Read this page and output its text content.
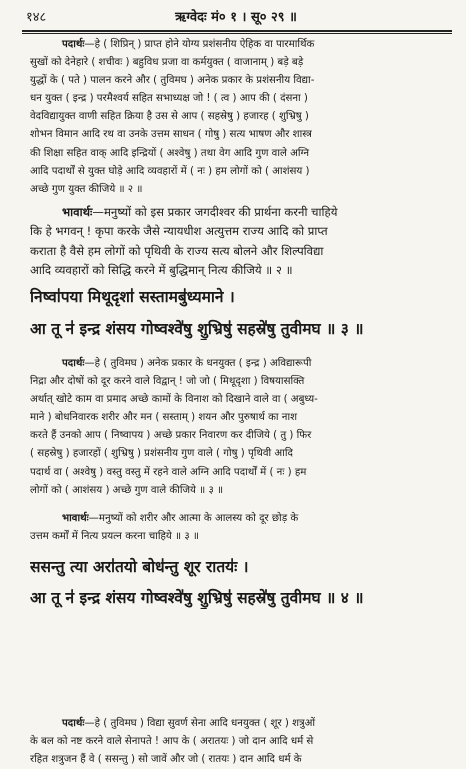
१४८	ऋग्वेदः मं० १ । सू० २९ ॥

पदार्थः—हे ( शिप्रिन् ) प्राप्त होने योग्य प्रशंसनीय ऐहिक वा पारमार्थिक

सुखों को देनेहारे ( शचीवः ) बहुविध प्रजा वा कर्मयुक्त ( वाजानाम् ) बड़े बड़े

युद्धों के ( पते ) पालन करने और ( तुविमघ ) अनेक प्रकार के प्रशंसनीय विद्या-

धन युक्त ( इन्द्र ) परमैश्वर्य सहित सभाध्यक्ष जो ! ( त्व ) आप की ( दंसना )

वेदविद्यायुक्त वाणी सहित क्रिया है उस से आप ( सहस्रेषु ) हजारह ( शुभ्रिषु )

शोभन विमान आदि रथ वा उनके उत्तम साधन ( गोषु ) सत्य भाषण और शास्त्र

की शिक्षा सहित वाक् आदि इन्द्रियों ( अश्वेषु ) तथा वेग आदि गुण वाले अग्नि

आदि पदार्थों से युक्त घोड़े आदि व्यवहारों में ( नः ) हम लोगों को ( आशंसय )

अच्छे गुण युक्त कीजिये ॥ २ ॥

भावार्थः—मनुष्यों को इस प्रकार जगदीश्वर की प्रार्थना करनी चाहिये

कि हे भगवन् ! कृपा करके जैसे न्यायधीश अत्युत्तम राज्य आदि को प्राप्त

कराता है वैसे हम लोगों को पृथिवी के राज्य सत्य बोलने और शिल्पविद्या

आदि व्यवहारों को सिद्धि करने में बुद्धिमान् नित्य कीजिये ॥ २ ॥

निष्वा॑पया मिथूदृशा॑ सस्तामबु॑ध्यमाने ।
आ तू न॑ इन्द्र शंसय गोष्वश्वे॑षु शु॒भ्रिषु॑ सहस्रे॑षु तुवीमघ ॥ ३ ॥

पदार्थः—हे ( तुविमघ ) अनेक प्रकार के धनयुक्त ( इन्द्र ) अविद्यारूपी

निद्रा और दोषों को दूर करने वाले विद्वान् ! जो जो ( मिथूदृशा ) विषयासक्ति

अर्थात् खोटे काम वा प्रमाद अच्छे कामों के विनाश को दिखाने वाले वा ( अबुध्य-

माने ) बोधनिवारक शरीर और मन ( सस्ताम् ) शयन और पुरुषार्थ का नाश

करते हैं उनको आप ( निष्वापय ) अच्छे प्रकार निवारण कर दीजिये ( तु ) फिर

( सहस्रेषु ) हजारहों ( शुभ्रिषु ) प्रशंसनीय गुण वाले ( गोषु ) पृथिवी आदि

पदार्थ वा ( अश्वेषु ) वस्तु वस्तु में रहने वाले अग्नि आदि पदार्थों में ( नः ) हम

लोगों को ( आशंसय ) अच्छे गुण वाले कीजिये ॥ ३ ॥

भावार्थः—मनुष्यों को शरीर और आत्मा के आलस्य को दूर छोड़ के

उत्तम कर्मों में नित्य प्रयत्न करना चाहिये ॥ ३ ॥

ससन्तु त्या अरा॑तयो बोध॑न्तु शूर रातयः॑ ।
आ तू न॑ इन्द्र शंसय गोष्वश्वे॑षु शु॒भ्रिषु॑ सहस्रे॑षु तुवीमघ ॥ ४ ॥

पदार्थः—हे ( तुविमघ ) विद्या सुवर्ण सेना आदि धनयुक्त ( शूर ) शत्रुओं

के बल को नष्ट करने वाले सेनापते ! आप के ( अरातयः ) जो दान आदि धर्म से

रहित शत्रुजन हैं वे ( ससन्तु ) सो जावें और जो ( रातयः ) दान आदि धर्म के
